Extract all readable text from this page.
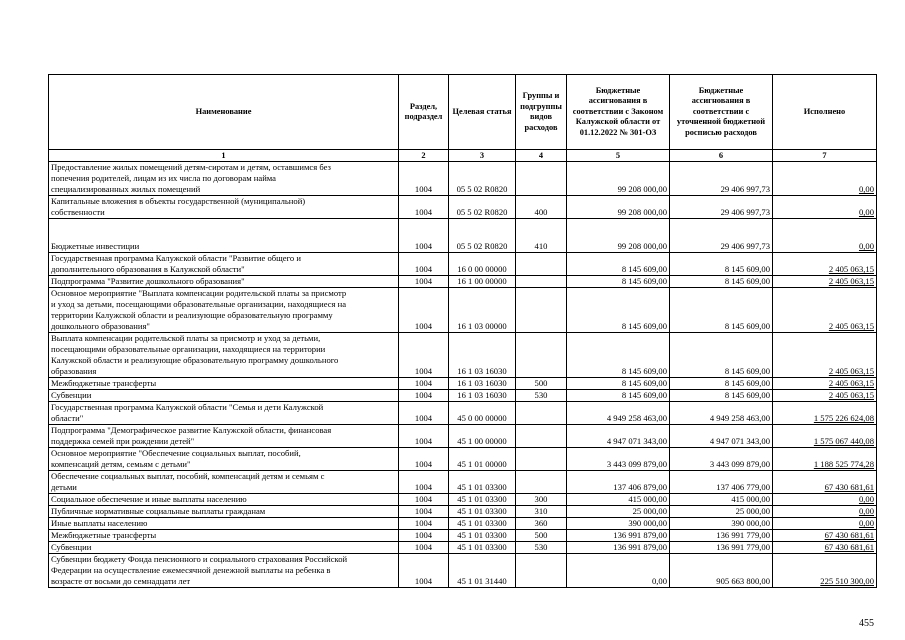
Наименование	Раздел, подраздел	Целевая статья	Группы и подгруппы видов расходов	Бюджетные ассигнования в соответствии с Законом Калужской области от 01.12.2022 № 301-ОЗ	Бюджетные ассигнования в соответствии с уточненной бюджетной росписью расходов	Исполнено
1	2	3	4	5	6	7
Предоставление жилых помещений детям-сиротам и детям, оставшимся без
попечения родителей, лицам из их числа по договорам найма
специализированных жилых помещений	1004	05 5 02 R0820		99 208 000,00	29 406 997,73	0,00
Капитальные вложения в объекты государственной (муниципальной)
собственности	1004	05 5 02 R0820	400	99 208 000,00	29 406 997,73	0,00

Бюджетные инвестиции	1004	05 5 02 R0820	410	99 208 000,00	29 406 997,73	0,00
Государственная программа Калужской области "Развитие общего и
дополнительного образования в Калужской области"	1004	16 0 00 00000		8 145 609,00	8 145 609,00	2 405 063,15
Подпрограмма "Развитие дошкольного образования"	1004	16 1 00 00000		8 145 609,00	8 145 609,00	2 405 063,15
Основное мероприятие "Выплата компенсации родительской платы за присмотр
и уход за детьми, посещающими образовательные организации, находящиеся на
территории Калужской области и реализующие образовательную программу
дошкольного образования"	1004	16 1 03 00000		8 145 609,00	8 145 609,00	2 405 063,15
Выплата компенсации родительской платы за присмотр и уход за детьми,
посещающими образовательные организации, находящиеся на территории
Калужской области и реализующие образовательную программу дошкольного
образования	1004	16 1 03 16030		8 145 609,00	8 145 609,00	2 405 063,15
Межбюджетные трансферты	1004	16 1 03 16030	500	8 145 609,00	8 145 609,00	2 405 063,15
Субвенции	1004	16 1 03 16030	530	8 145 609,00	8 145 609,00	2 405 063,15
Государственная программа Калужской области "Семья и дети Калужской
области"	1004	45 0 00 00000		4 949 258 463,00	4 949 258 463,00	1 575 226 624,08
Подпрограмма "Демографическое развитие Калужской области, финансовая
поддержка семей при рождении детей"	1004	45 1 00 00000		4 947 071 343,00	4 947 071 343,00	1 575 067 440,08
Основное мероприятие "Обеспечение социальных выплат, пособий,
компенсаций детям, семьям с детьми"	1004	45 1 01 00000		3 443 099 879,00	3 443 099 879,00	1 188 525 774,28
Обеспечение социальных выплат, пособий, компенсаций детям и семьям с
детьми	1004	45 1 01 03300		137 406 879,00	137 406 779,00	67 430 681,61
Социальное обеспечение и иные выплаты населению	1004	45 1 01 03300	300	415 000,00	415 000,00	0,00
Публичные нормативные социальные выплаты гражданам	1004	45 1 01 03300	310	25 000,00	25 000,00	0,00
Иные выплаты населению	1004	45 1 01 03300	360	390 000,00	390 000,00	0,00
Межбюджетные трансферты	1004	45 1 01 03300	500	136 991 879,00	136 991 779,00	67 430 681,61
Субвенции	1004	45 1 01 03300	530	136 991 879,00	136 991 779,00	67 430 681,61
Субвенции бюджету Фонда пенсионного и социального страхования Российской
Федерации на осуществление ежемесячной денежной выплаты на ребенка в
возрасте от восьми до семнадцати лет	1004	45 1 01 31440		0,00	905 663 800,00	225 510 300,00
455
